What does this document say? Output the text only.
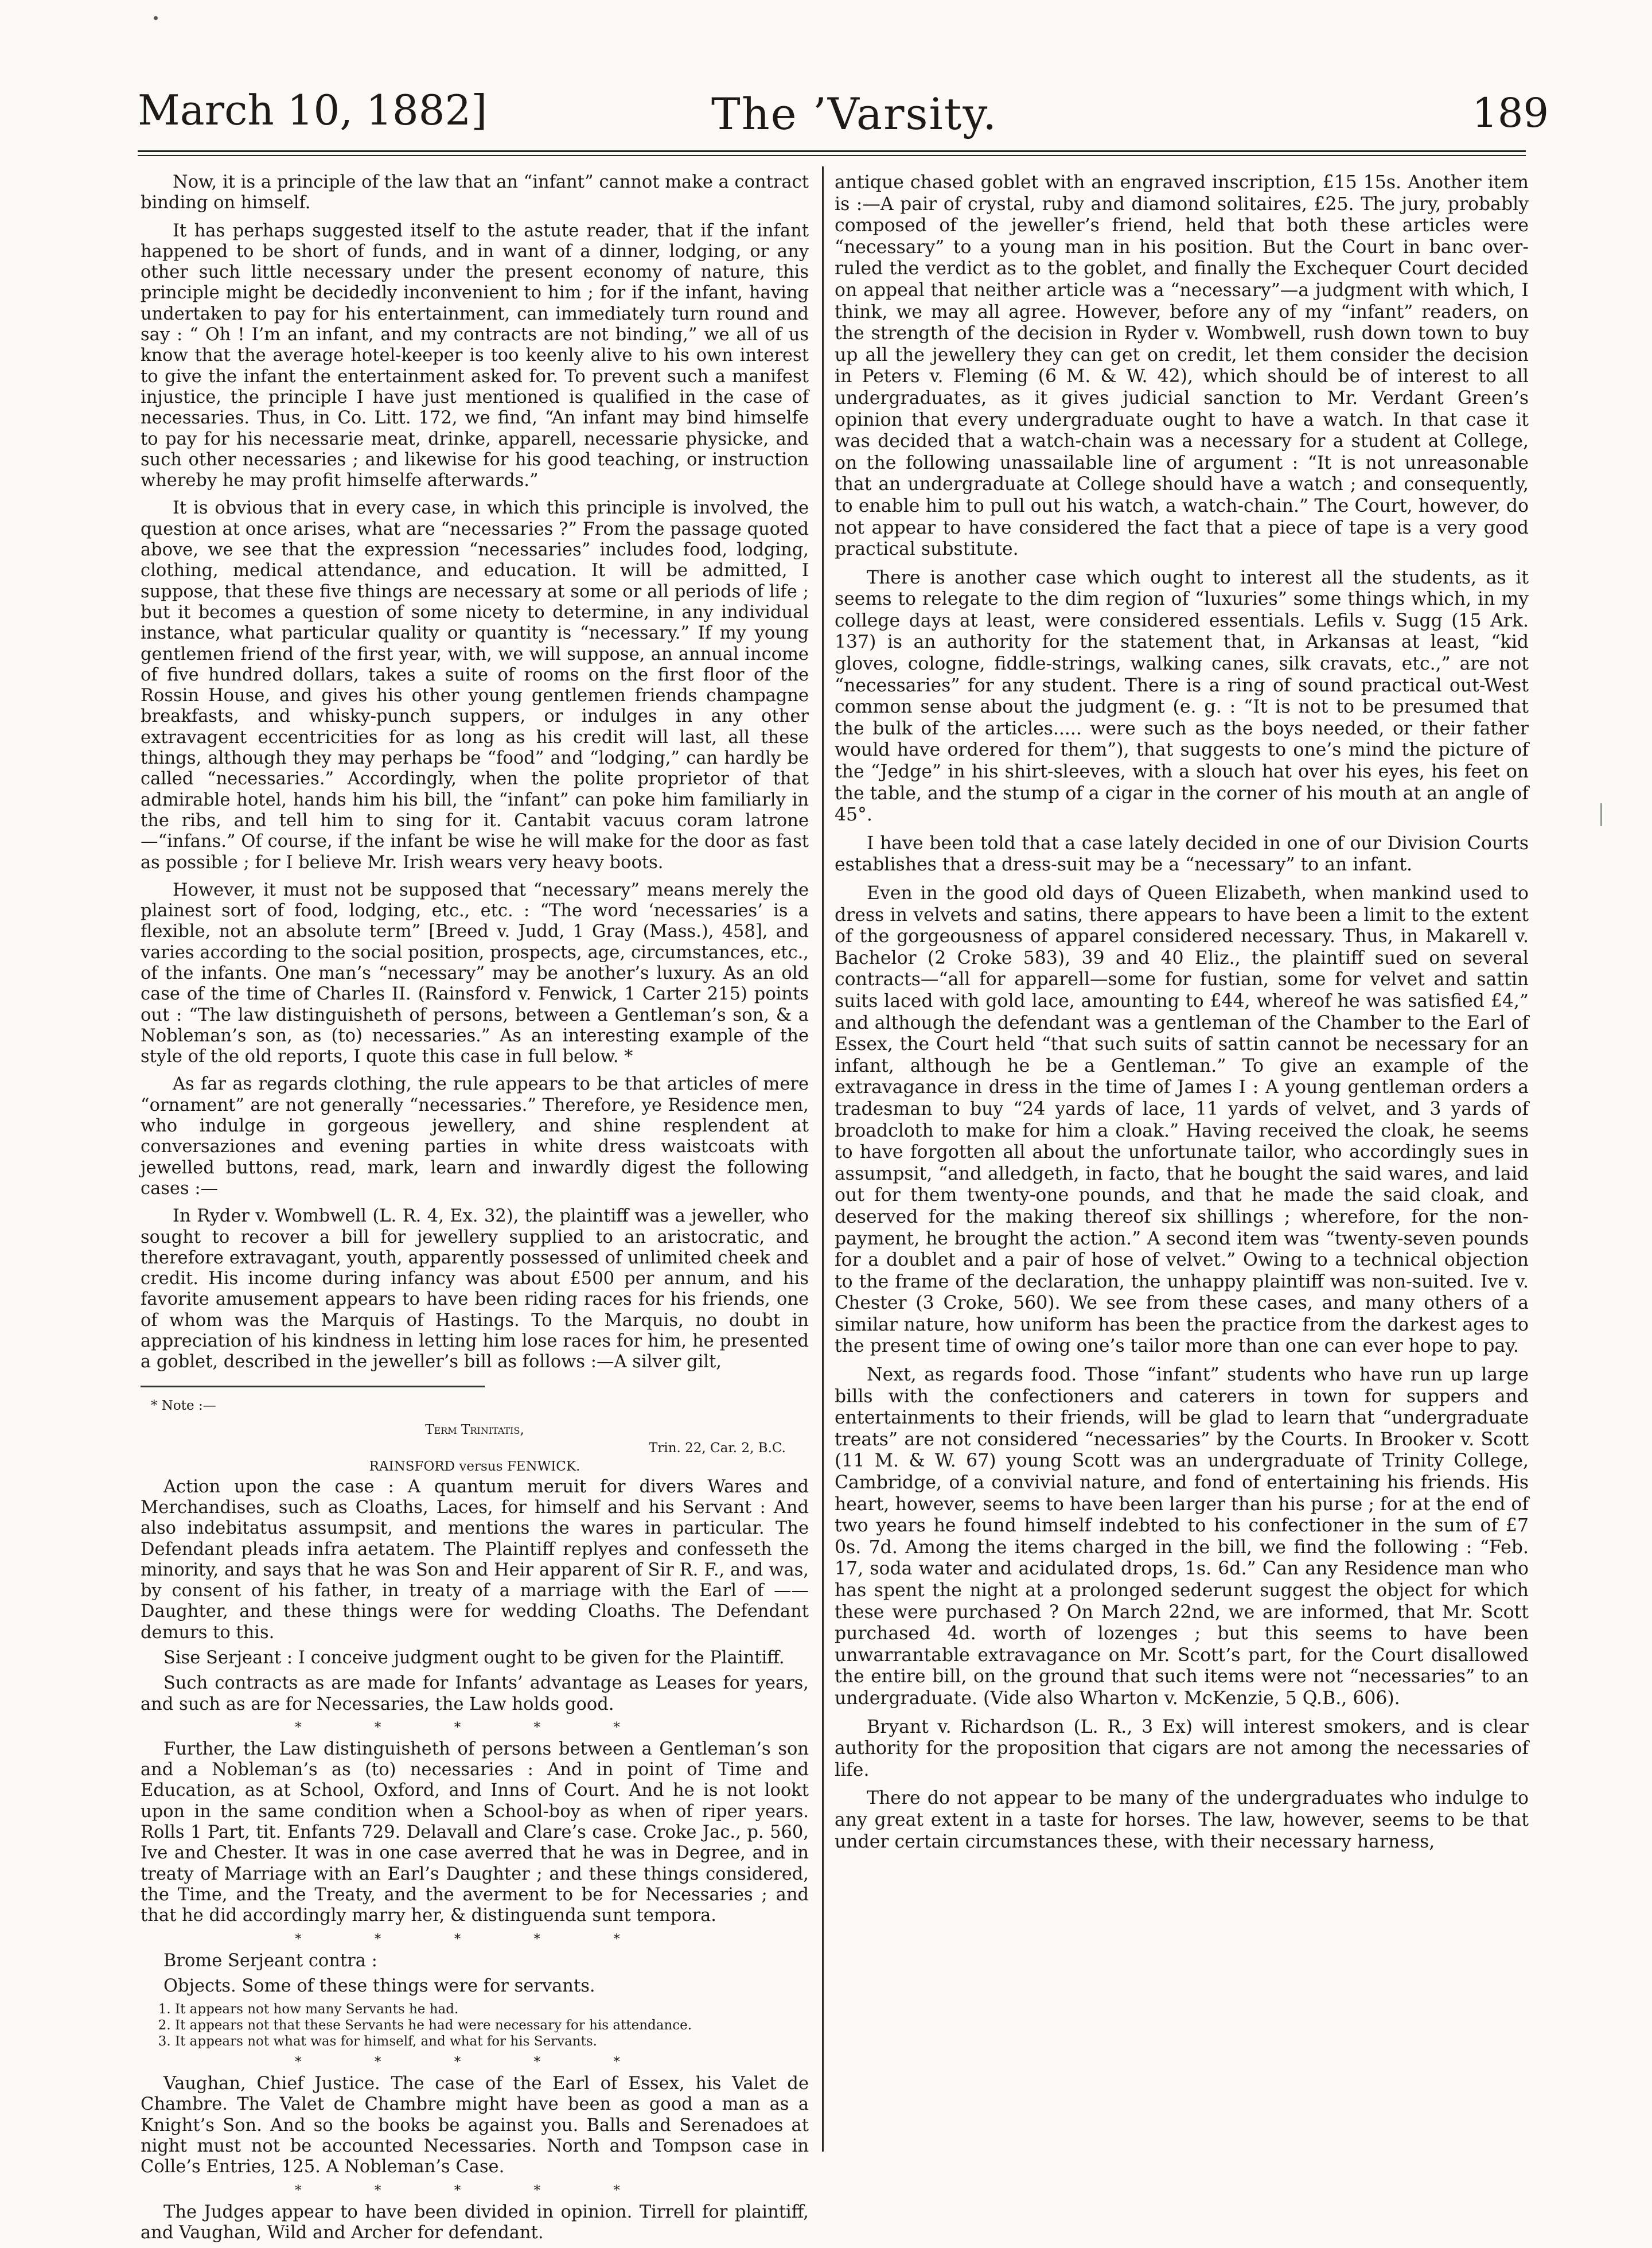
March 10, 1882]	The ’Varsity.	189

Now, it is a principle of the law that an “infant” cannot make a contract binding on himself.

It has perhaps suggested itself to the astute reader, that if the infant happened to be short of funds, and in want of a dinner, lodging, or any other such little necessary under the present economy of nature, this principle might be decidedly inconvenient to him ; for if the infant, having undertaken to pay for his entertainment, can immediately turn round and say : “ Oh ! I’m an infant, and my contracts are not binding,” we all of us know that the average hotel-keeper is too keenly alive to his own interest to give the infant the entertainment asked for. To prevent such a manifest injustice, the principle I have just mentioned is qualified in the case of necessaries. Thus, in Co. Litt. 172, we find, “An infant may bind himselfe to pay for his necessarie meat, drinke, apparell, necessarie physicke, and such other necessaries ; and likewise for his good teaching, or instruction whereby he may profit himselfe afterwards.”

It is obvious that in every case, in which this principle is involved, the question at once arises, what are “necessaries ?” From the passage quoted above, we see that the expression “necessaries” includes food, lodging, clothing, medical attendance, and education. It will be admitted, I suppose, that these five things are necessary at some or all periods of life ; but it becomes a question of some nicety to determine, in any individual instance, what particular quality or quantity is “necessary.” If my young gentlemen friend of the first year, with, we will suppose, an annual income of five hundred dollars, takes a suite of rooms on the first floor of the Rossin House, and gives his other young gentlemen friends champagne breakfasts, and whisky-punch suppers, or indulges in any other extravagent eccentricities for as long as his credit will last, all these things, although they may perhaps be “food” and “lodging,” can hardly be called “necessaries.” Accordingly, when the polite proprietor of that admirable hotel, hands him his bill, the “infant” can poke him familiarly in the ribs, and tell him to sing for it. Cantabit vacuus coram latrone—“infans.” Of course, if the infant be wise he will make for the door as fast as possible ; for I believe Mr. Irish wears very heavy boots.

However, it must not be supposed that “necessary” means merely the plainest sort of food, lodging, etc., etc. : “The word ‘necessaries’ is a flexible, not an absolute term” [Breed v. Judd, 1 Gray (Mass.), 458], and varies according to the social position, prospects, age, circumstances, etc., of the infants. One man’s “necessary” may be another’s luxury. As an old case of the time of Charles II. (Rainsford v. Fenwick, 1 Carter 215) points out : “The law distinguisheth of persons, between a Gentleman’s son, & a Nobleman’s son, as (to) necessaries.” As an interesting example of the style of the old reports, I quote this case in full below. *

As far as regards clothing, the rule appears to be that articles of mere “ornament” are not generally “necessaries.” Therefore, ye Residence men, who indulge in gorgeous jewellery, and shine resplendent at conversaziones and evening parties in white dress waistcoats with jewelled buttons, read, mark, learn and inwardly digest the following cases :—

In Ryder v. Wombwell (L. R. 4, Ex. 32), the plaintiff was a jeweller, who sought to recover a bill for jewellery supplied to an aristocratic, and therefore extravagant, youth, apparently possessed of unlimited cheek and credit. His income during infancy was about £500 per annum, and his favorite amusement appears to have been riding races for his friends, one of whom was the Marquis of Hastings. To the Marquis, no doubt in appreciation of his kindness in letting him lose races for him, he presented a goblet, described in the jeweller’s bill as follows :—A silver gilt,

* Note :—
Term Trinitatis,
Trin. 22, Car. 2, B.C.
RAINSFORD versus FENWICK.

Action upon the case : A quantum meruit for divers Wares and Merchandises, such as Cloaths, Laces, for himself and his Servant : And also indebitatus assumpsit, and mentions the wares in particular. The Defendant pleads infra aetatem. The Plaintiff replyes and confesseth the minority, and says that he was Son and Heir apparent of Sir R. F., and was, by consent of his father, in treaty of a marriage with the Earl of —— Daughter, and these things were for wedding Cloaths. The Defendant demurs to this.

Sise Serjeant : I conceive judgment ought to be given for the Plaintiff.

Such contracts as are made for Infants’ advantage as Leases for years, and such as are for Necessaries, the Law holds good.

* * * * *

Further, the Law distinguisheth of persons between a Gentleman’s son and a Nobleman’s as (to) necessaries : And in point of Time and Education, as at School, Oxford, and Inns of Court. And he is not lookt upon in the same condition when a School-boy as when of riper years. Rolls 1 Part, tit. Enfants 729. Delavall and Clare’s case. Croke Jac., p. 560, Ive and Chester. It was in one case averred that he was in Degree, and in treaty of Marriage with an Earl’s Daughter ; and these things considered, the Time, and the Treaty, and the averment to be for Necessaries ; and that he did accordingly marry her, & distinguenda sunt tempora.

* * * * *

Brome Serjeant contra :

Objects. Some of these things were for servants.

1. It appears not how many Servants he had.
2. It appears not that these Servants he had were necessary for his attendance.
3. It appears not what was for himself, and what for his Servants.
* * * * *

Vaughan, Chief Justice. The case of the Earl of Essex, his Valet de Chambre. The Valet de Chambre might have been as good a man as a Knight’s Son. And so the books be against you. Balls and Serenadoes at night must not be accounted Necessaries. North and Tompson case in Colle’s Entries, 125. A Nobleman’s Case.

* * * * *

The Judges appear to have been divided in opinion. Tirrell for plaintiff, and Vaughan, Wild and Archer for defendant.

antique chased goblet with an engraved inscription, £15 15s. Another item is :—A pair of crystal, ruby and diamond solitaires, £25. The jury, probably composed of the jeweller’s friend, held that both these articles were “necessary” to a young man in his position. But the Court in banc over-ruled the verdict as to the goblet, and finally the Exchequer Court decided on appeal that neither article was a “necessary”—a judgment with which, I think, we may all agree. However, before any of my “infant” readers, on the strength of the decision in Ryder v. Wombwell, rush down town to buy up all the jewellery they can get on credit, let them consider the decision in Peters v. Fleming (6 M. & W. 42), which should be of interest to all undergraduates, as it gives judicial sanction to Mr. Verdant Green’s opinion that every undergraduate ought to have a watch. In that case it was decided that a watch-chain was a necessary for a student at College, on the following unassailable line of argument : “It is not unreasonable that an undergraduate at College should have a watch ; and consequently, to enable him to pull out his watch, a watch-chain.” The Court, however, do not appear to have considered the fact that a piece of tape is a very good practical substitute.

There is another case which ought to interest all the students, as it seems to relegate to the dim region of “luxuries” some things which, in my college days at least, were considered essentials. Lefils v. Sugg (15 Ark. 137) is an authority for the statement that, in Arkansas at least, “kid gloves, cologne, fiddle-strings, walking canes, silk cravats, etc.,” are not “necessaries” for any student. There is a ring of sound practical out-West common sense about the judgment (e. g. : “It is not to be presumed that the bulk of the articles..... were such as the boys needed, or their father would have ordered for them”), that suggests to one’s mind the picture of the “Jedge” in his shirt-sleeves, with a slouch hat over his eyes, his feet on the table, and the stump of a cigar in the corner of his mouth at an angle of 45°.

I have been told that a case lately decided in one of our Division Courts establishes that a dress-suit may be a “necessary” to an infant.

Even in the good old days of Queen Elizabeth, when mankind used to dress in velvets and satins, there appears to have been a limit to the extent of the gorgeousness of apparel considered necessary. Thus, in Makarell v. Bachelor (2 Croke 583), 39 and 40 Eliz., the plaintiff sued on several contracts—“all for apparell—some for fustian, some for velvet and sattin suits laced with gold lace, amounting to £44, whereof he was satisfied £4,” and although the defendant was a gentleman of the Chamber to the Earl of Essex, the Court held “that such suits of sattin cannot be necessary for an infant, although he be a Gentleman.” To give an example of the extravagance in dress in the time of James I : A young gentleman orders a tradesman to buy “24 yards of lace, 11 yards of velvet, and 3 yards of broadcloth to make for him a cloak.” Having received the cloak, he seems to have forgotten all about the unfortunate tailor, who accordingly sues in assumpsit, “and alledgeth, in facto, that he bought the said wares, and laid out for them twenty-one pounds, and that he made the said cloak, and deserved for the making thereof six shillings ; wherefore, for the non-payment, he brought the action.” A second item was “twenty-seven pounds for a doublet and a pair of hose of velvet.” Owing to a technical objection to the frame of the declaration, the unhappy plaintiff was non-suited. Ive v. Chester (3 Croke, 560). We see from these cases, and many others of a similar nature, how uniform has been the practice from the darkest ages to the present time of owing one’s tailor more than one can ever hope to pay.

Next, as regards food. Those “infant” students who have run up large bills with the confectioners and caterers in town for suppers and entertainments to their friends, will be glad to learn that “undergraduate treats” are not considered “necessaries” by the Courts. In Brooker v. Scott (11 M. & W. 67) young Scott was an undergraduate of Trinity College, Cambridge, of a convivial nature, and fond of entertaining his friends. His heart, however, seems to have been larger than his purse ; for at the end of two years he found himself indebted to his confectioner in the sum of £7 0s. 7d. Among the items charged in the bill, we find the following : “Feb. 17, soda water and acidulated drops, 1s. 6d.” Can any Residence man who has spent the night at a prolonged sederunt suggest the object for which these were purchased ? On March 22nd, we are informed, that Mr. Scott purchased 4d. worth of lozenges ; but this seems to have been unwarrantable extravagance on Mr. Scott’s part, for the Court disallowed the entire bill, on the ground that such items were not “necessaries” to an undergraduate. (Vide also Wharton v. McKenzie, 5 Q.B., 606).

Bryant v. Richardson (L. R., 3 Ex) will interest smokers, and is clear authority for the proposition that cigars are not among the necessaries of life.

There do not appear to be many of the undergraduates who indulge to any great extent in a taste for horses. The law, however, seems to be that under certain circumstances these, with their necessary harness,
